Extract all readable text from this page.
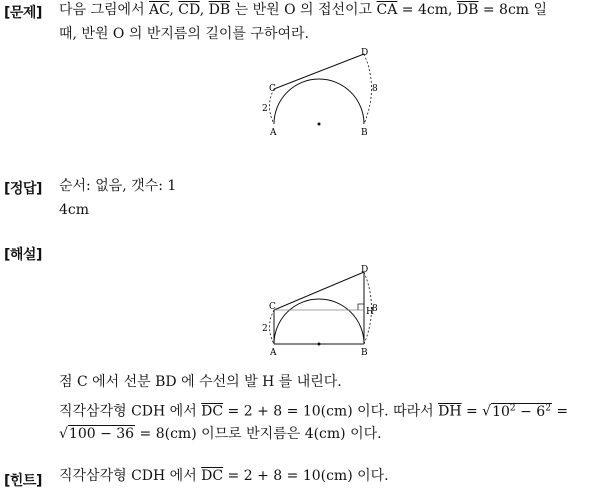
[문제] 다음 그림에서 $\overline{AC}$, $\overline{CD}$, $\overline{DB}$ 는 반원 O 의 접선이고 $\overline{CA} = 4cm$, $\overline{DB} = 8cm$ 일
때, 반원 O 의 반지름의 길이를 구하여라.
A	B
C
D
2
8
[정답] 순서: 없음, 갯수: 1
4cm
[해설]
A	B
C
D
H
2
8
점 C 에서 선분 BD 에 수선의 발 H 를 내린다.
직각삼각형 CDH 에서 $\overline{DC} = 2 + 8 = 10(cm)$ 이다. 따라서 $\overline{DH} = √10^2 - 6^2$ =
√100 − 36 = 8(cm) 이므로 반지름은 4(cm) 이다.
[힌트] 직각삼각형 CDH 에서 $\overline{DC} = 2 + 8 = 10(cm)$ 이다.
